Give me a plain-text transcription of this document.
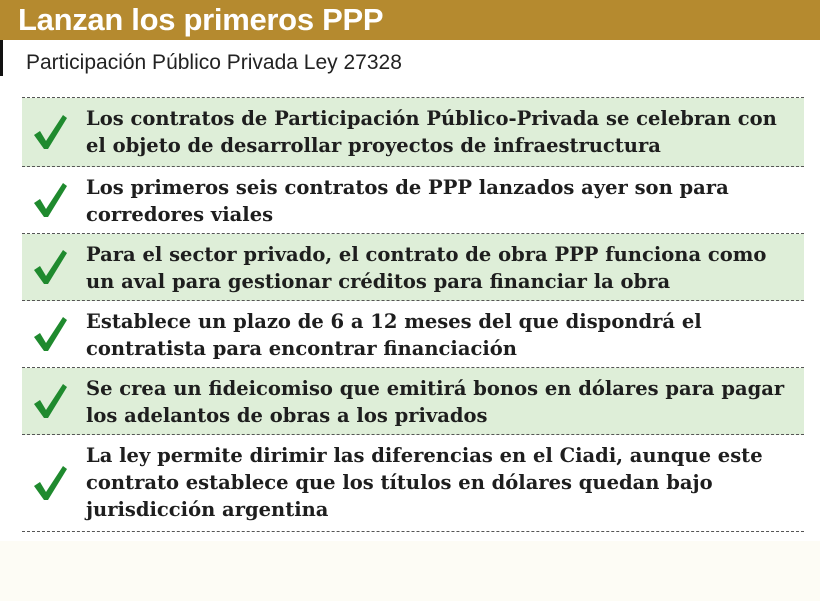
Lanzan los primeros PPP
Participación Público Privada Ley 27328
Los contratos de Participación Público-Privada se celebran con el objeto de desarrollar proyectos de infraestructura
Los primeros seis contratos de PPP lanzados ayer son para corredores viales
Para el sector privado, el contrato de obra PPP funciona como un aval para gestionar créditos para financiar la obra
Establece un plazo de 6 a 12 meses del que dispondrá el contratista para encontrar financiación
Se crea un fideicomiso que emitirá bonos en dólares para pagar los adelantos de obras a los privados
La ley permite dirimir las diferencias en el Ciadi, aunque este contrato establece que los títulos en dólares quedan bajo jurisdicción argentina
